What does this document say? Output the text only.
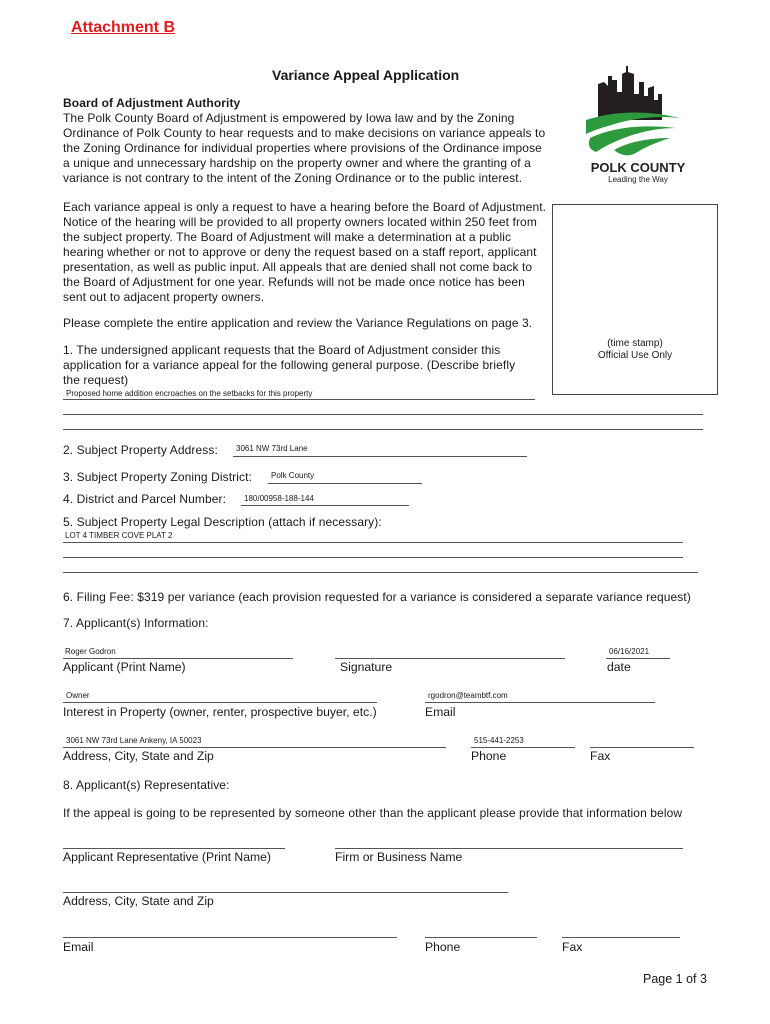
Attachment B
Variance Appeal Application
POLK COUNTY
Leading the Way
Board of Adjustment Authority
The Polk County Board of Adjustment is empowered by Iowa law and by the Zoning
Ordinance of Polk County to hear requests and to make decisions on variance appeals to
the Zoning Ordinance for individual properties where provisions of the Ordinance impose
a unique and unnecessary hardship on the property owner and where the granting of a
variance is not contrary to the intent of the Zoning Ordinance or to the public interest.
Each variance appeal is only a request to have a hearing before the Board of Adjustment.
Notice of the hearing will be provided to all property owners located within 250 feet from
the subject property. The Board of Adjustment will make a determination at a public
hearing whether or not to approve or deny the request based on a staff report, applicant
presentation, as well as public input. All appeals that are denied shall not come back to
the Board of Adjustment for one year. Refunds will not be made once notice has been
sent out to adjacent property owners.
Please complete the entire application and review the Variance Regulations on page 3.
(time stamp)
Official Use Only
1. The undersigned applicant requests that the Board of Adjustment consider this
application for a variance appeal for the following general purpose. (Describe briefly
the request)
Proposed home addition encroaches on the setbacks for this property
2. Subject Property Address: 3061 NW 73rd Lane
3. Subject Property Zoning District: Polk County
4. District and Parcel Number: 180/00958-188-144
5. Subject Property Legal Description (attach if necessary):
LOT 4 TIMBER COVE PLAT 2
6. Filing Fee: $319 per variance (each provision requested for a variance is considered a separate variance request)
7. Applicant(s) Information:
Roger Godron
Applicant (Print Name)	Signature
06/16/2021
date
Owner
Interest in Property (owner, renter, prospective buyer, etc.)
rgodron@teambtf.com
Email
3061 NW 73rd Lane Ankeny, IA 50023
Address, City, State and Zip
515-441-2253
Phone	Fax
8. Applicant(s) Representative:
If the appeal is going to be represented by someone other than the applicant please provide that information below
Applicant Representative (Print Name)	Firm or Business Name
Address, City, State and Zip
Email	Phone	Fax
Page 1 of 3
